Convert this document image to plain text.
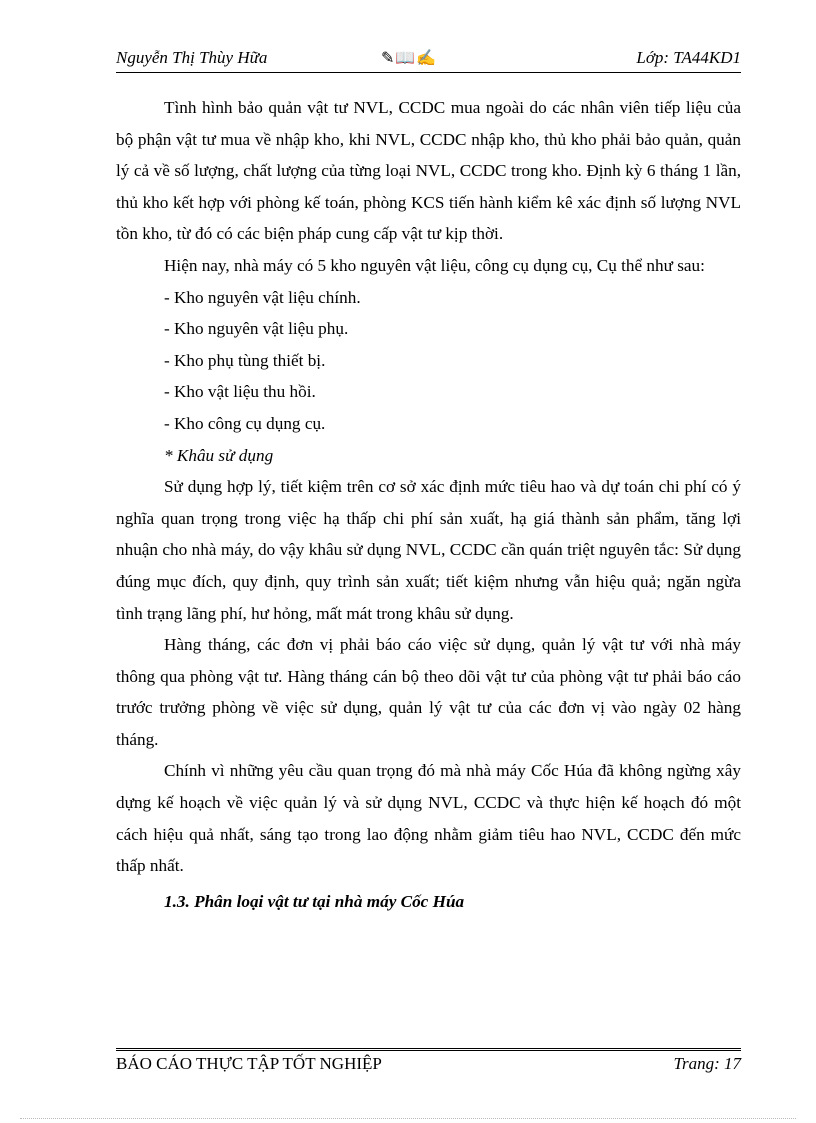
Nguyễn Thị Thùy Hữa	✎📖✍	Lớp: TA44KD1

Tình hình bảo quản vật tư NVL, CCDC mua ngoài do các nhân viên tiếp liệu của bộ phận vật tư mua về nhập kho, khi NVL, CCDC nhập kho, thủ kho phải bảo quản, quản lý cả về số lượng, chất lượng của từng loại NVL, CCDC trong kho. Định kỳ 6 tháng 1 lần, thủ kho kết hợp với phòng kế toán, phòng KCS tiến hành kiểm kê xác định số lượng NVL tồn kho, từ đó có các biện pháp cung cấp vật tư kịp thời.

Hiện nay, nhà máy có 5 kho nguyên vật liệu, công cụ dụng cụ, Cụ thể như sau:

- Kho nguyên vật liệu chính.
- Kho nguyên vật liệu phụ.
- Kho phụ tùng thiết bị.
- Kho vật liệu thu hồi.
- Kho công cụ dụng cụ.
* Khâu sử dụng

Sử dụng hợp lý, tiết kiệm trên cơ sở xác định mức tiêu hao và dự toán chi phí có ý nghĩa quan trọng trong việc hạ thấp chi phí sản xuất, hạ giá thành sản phẩm, tăng lợi nhuận cho nhà máy, do vậy khâu sử dụng NVL, CCDC cần quán triệt nguyên tắc: Sử dụng đúng mục đích, quy định, quy trình sản xuất; tiết kiệm nhưng vẫn hiệu quả; ngăn ngừa tình trạng lãng phí, hư hỏng, mất mát trong khâu sử dụng.

Hàng tháng, các đơn vị phải báo cáo việc sử dụng, quản lý vật tư với nhà máy thông qua phòng vật tư. Hàng tháng cán bộ theo dõi vật tư của phòng vật tư phải báo cáo trước trưởng phòng về việc sử dụng, quản lý vật tư của các đơn vị vào ngày 02 hàng tháng.

Chính vì những yêu cầu quan trọng đó mà nhà máy Cốc Húa đã không ngừng xây dựng kế hoạch về việc quản lý và sử dụng NVL, CCDC và thực hiện kế hoạch đó một cách hiệu quả nhất, sáng tạo trong lao động nhằm giảm tiêu hao NVL, CCDC đến mức thấp nhất.

1.3. Phân loại vật tư tại nhà máy Cốc Húa
BÁO CÁO THỰC TẬP TỐT NGHIỆP	Trang: 17
